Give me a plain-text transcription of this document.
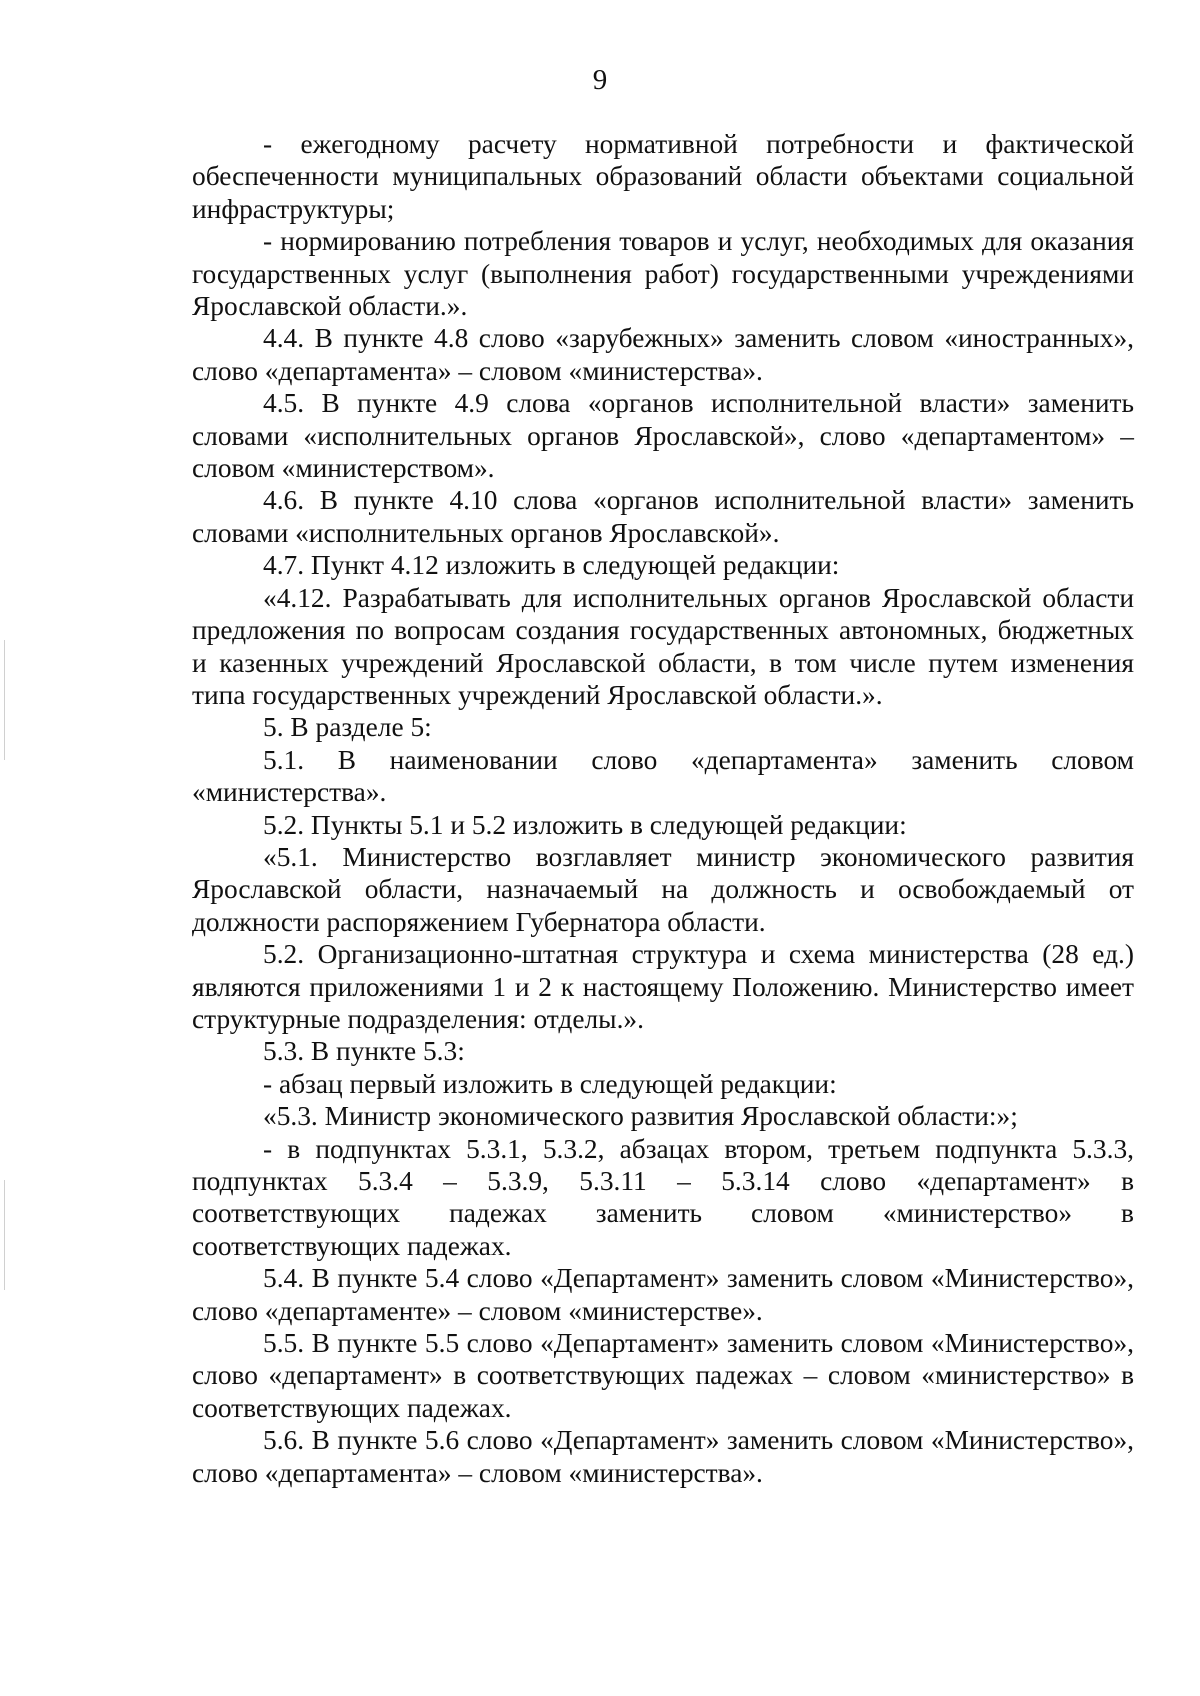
9

- ежегодному расчету нормативной потребности и фактической обеспеченности муниципальных образований области объектами социальной инфраструктуры;

- нормированию потребления товаров и услуг, необходимых для оказания государственных услуг (выполнения работ) государственными учреждениями Ярославской области.».

4.4. В пункте 4.8 слово «зарубежных» заменить словом «иностранных», слово «департамента» – словом «министерства».

4.5. В пункте 4.9 слова «органов исполнительной власти» заменить словами «исполнительных органов Ярославской», слово «департаментом» – словом «министерством».

4.6. В пункте 4.10 слова «органов исполнительной власти» заменить словами «исполнительных органов Ярославской».

4.7. Пункт 4.12 изложить в следующей редакции:

«4.12. Разрабатывать для исполнительных органов Ярославской области предложения по вопросам создания государственных автономных, бюджетных и казенных учреждений Ярославской области, в том числе путем изменения типа государственных учреждений Ярославской области.».

5. В разделе 5:

5.1. В наименовании слово «департамента» заменить словом «министерства».

5.2. Пункты 5.1 и 5.2 изложить в следующей редакции:

«5.1. Министерство возглавляет министр экономического развития Ярославской области, назначаемый на должность и освобождаемый от должности распоряжением Губернатора области.

5.2. Организационно-штатная структура и схема министерства (28 ед.) являются приложениями 1 и 2 к настоящему Положению. Министерство имеет структурные подразделения: отделы.».

5.3. В пункте 5.3:

- абзац первый изложить в следующей редакции:

«5.3. Министр экономического развития Ярославской области:»;

- в подпунктах 5.3.1, 5.3.2, абзацах втором, третьем подпункта 5.3.3, подпунктах 5.3.4 – 5.3.9, 5.3.11 – 5.3.14 слово «департамент» в соответствующих падежах заменить словом «министерство» в соответствующих падежах.

5.4. В пункте 5.4 слово «Департамент» заменить словом «Министерство», слово «департаменте» – словом «министерстве».

5.5. В пункте 5.5 слово «Департамент» заменить словом «Министерство», слово «департамент» в соответствующих падежах – словом «министерство» в соответствующих падежах.

5.6. В пункте 5.6 слово «Департамент» заменить словом «Министерство», слово «департамента» – словом «министерства».
